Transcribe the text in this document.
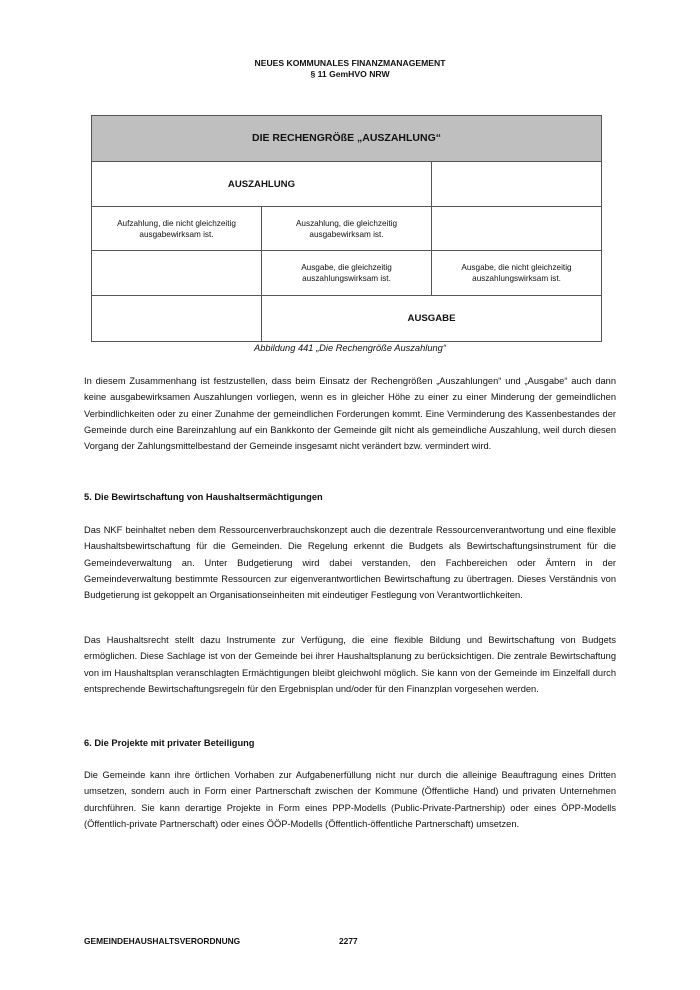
NEUES KOMMUNALES FINANZMANAGEMENT
§ 11 GemHVO NRW
DIE RECHENGRÖßE „AUSZAHLUNG“		
AUSZAHLUNG		
Aufzahlung, die nicht gleichzeitig ausgabewirksam ist.	Auszahlung, die gleichzeitig ausgabewirksam ist.	
	Ausgabe, die gleichzeitig auszahlungswirksam ist.	Ausgabe, die nicht gleichzeitig auszahlungswirksam ist.
	AUSGABE	
Abbildung 441 „Die Rechengröße Auszahlung“

In diesem Zusammenhang ist festzustellen, dass beim Einsatz der Rechengrößen „Auszahlungen“ und „Ausgabe“ auch dann keine ausgabewirksamen Auszahlungen vorliegen, wenn es in gleicher Höhe zu einer zu einer Minderung der gemeindlichen Verbindlichkeiten oder zu einer Zunahme der gemeindlichen Forderungen kommt. Eine Verminderung des Kassenbestandes der Gemeinde durch eine Bareinzahlung auf ein Bankkonto der Gemeinde gilt nicht als gemeindliche Auszahlung, weil durch diesen Vorgang der Zahlungsmittelbestand der Gemeinde insgesamt nicht verändert bzw. vermindert wird.

5. Die Bewirtschaftung von Haushaltsermächtigungen

Das NKF beinhaltet neben dem Ressourcenverbrauchskonzept auch die dezentrale Ressourcenverantwortung und eine flexible Haushaltsbewirtschaftung für die Gemeinden. Die Regelung erkennt die Budgets als Bewirtschaftungsinstrument für die Gemeindeverwaltung an. Unter Budgetierung wird dabei verstanden, den Fachbereichen oder Ämtern in der Gemeindeverwaltung bestimmte Ressourcen zur eigenverantwortlichen Bewirtschaftung zu übertragen. Dieses Verständnis von Budgetierung ist gekoppelt an Organisationseinheiten mit eindeutiger Festlegung von Verantwortlichkeiten.

Das Haushaltsrecht stellt dazu Instrumente zur Verfügung, die eine flexible Bildung und Bewirtschaftung von Budgets ermöglichen. Diese Sachlage ist von der Gemeinde bei ihrer Haushaltsplanung zu berücksichtigen. Die zentrale Bewirtschaftung von im Haushaltsplan veranschlagten Ermächtigungen bleibt gleichwohl möglich. Sie kann von der Gemeinde im Einzelfall durch entsprechende Bewirtschaftungsregeln für den Ergebnisplan und/oder für den Finanzplan vorgesehen werden.

6. Die Projekte mit privater Beteiligung

Die Gemeinde kann ihre örtlichen Vorhaben zur Aufgabenerfüllung nicht nur durch die alleinige Beauftragung eines Dritten umsetzen, sondern auch in Form einer Partnerschaft zwischen der Kommune (Öffentliche Hand) und privaten Unternehmen durchführen. Sie kann derartige Projekte in Form eines PPP-Modells (Public-Private-Partnership) oder eines ÖPP-Modells (Öffentlich-private Partnerschaft) oder eines ÖÖP-Modells (Öffentlich-öffentliche Partnerschaft) umsetzen.

GEMEINDEHAUSHALTSVERORDNUNG	2277
